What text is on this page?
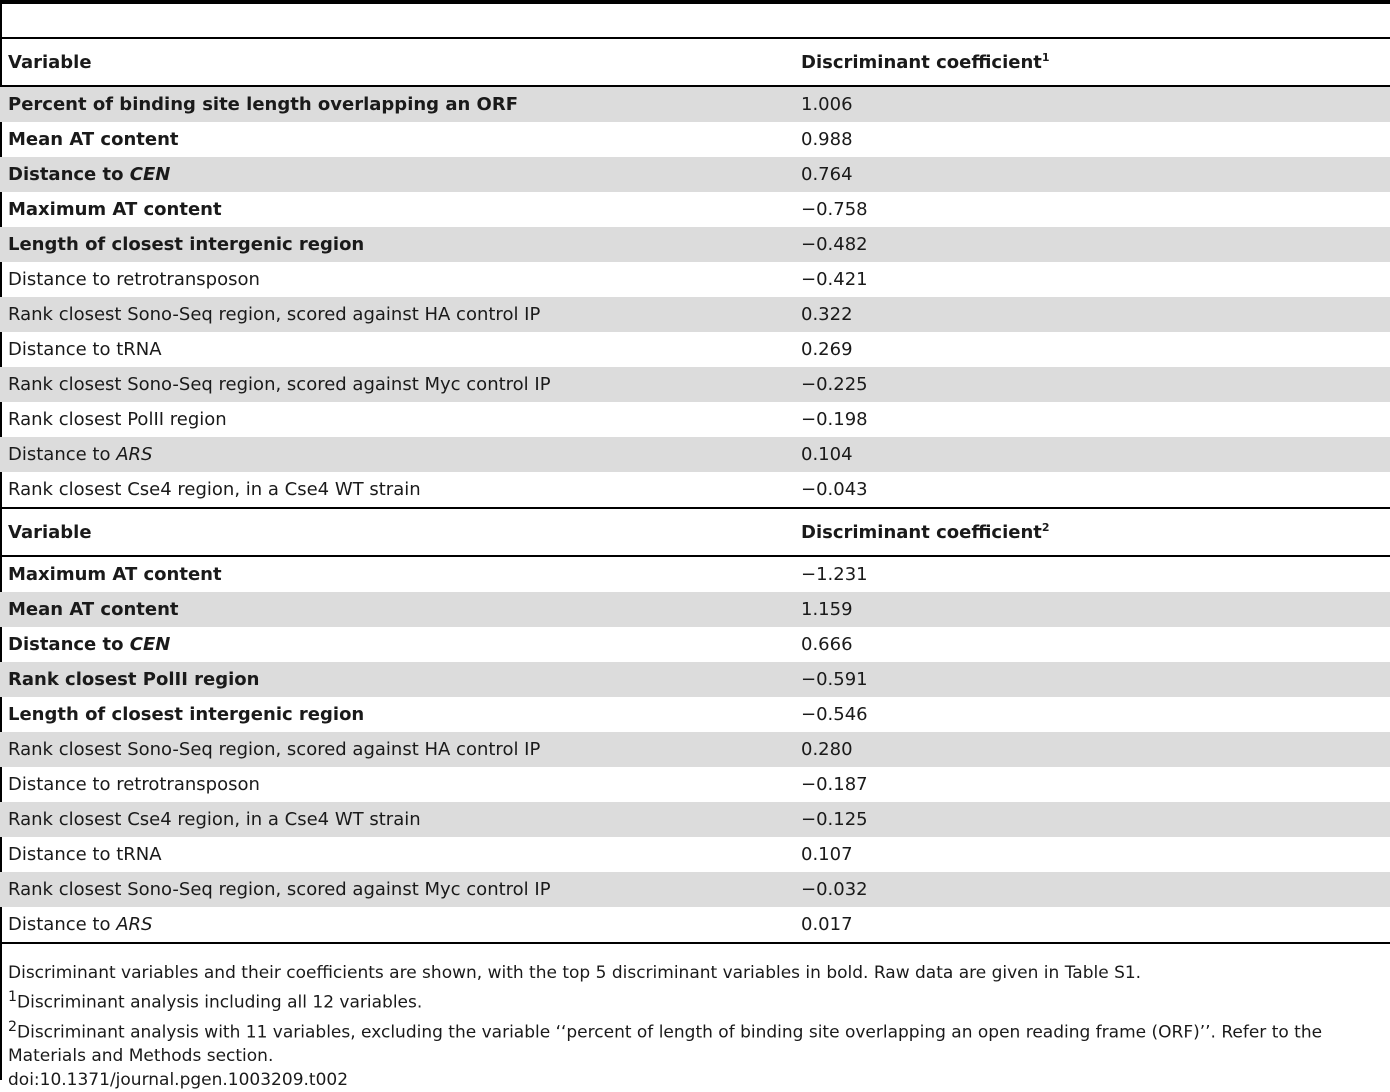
Variable	Discriminant coefficient$^1$
Percent of binding site length overlapping an ORF	1.006
Mean AT content	0.988
Distance to CEN	0.764
Maximum AT content	−0.758
Length of closest intergenic region	−0.482
Distance to retrotransposon	−0.421
Rank closest Sono-Seq region, scored against HA control IP	0.322
Distance to tRNA	0.269
Rank closest Sono-Seq region, scored against Myc control IP	−0.225
Rank closest PolII region	−0.198
Distance to ARS	0.104
Rank closest Cse4 region, in a Cse4 WT strain	−0.043
Variable	Discriminant coefficient$^2$
Maximum AT content	−1.231
Mean AT content	1.159
Distance to CEN	0.666
Rank closest PolII region	−0.591
Length of closest intergenic region	−0.546
Rank closest Sono-Seq region, scored against HA control IP	0.280
Distance to retrotransposon	−0.187
Rank closest Cse4 region, in a Cse4 WT strain	−0.125
Distance to tRNA	0.107
Rank closest Sono-Seq region, scored against Myc control IP	−0.032
Distance to ARS	0.017
Discriminant variables and their coefficients are shown, with the top 5 discriminant variables in bold. Raw data are given in Table S1.
$^1$Discriminant analysis including all 12 variables.
$^2$Discriminant analysis with 11 variables, excluding the variable ‘‘percent of length of binding site overlapping an open reading frame (ORF)’’. Refer to the Materials and Methods section.
doi:10.1371/journal.pgen.1003209.t002
